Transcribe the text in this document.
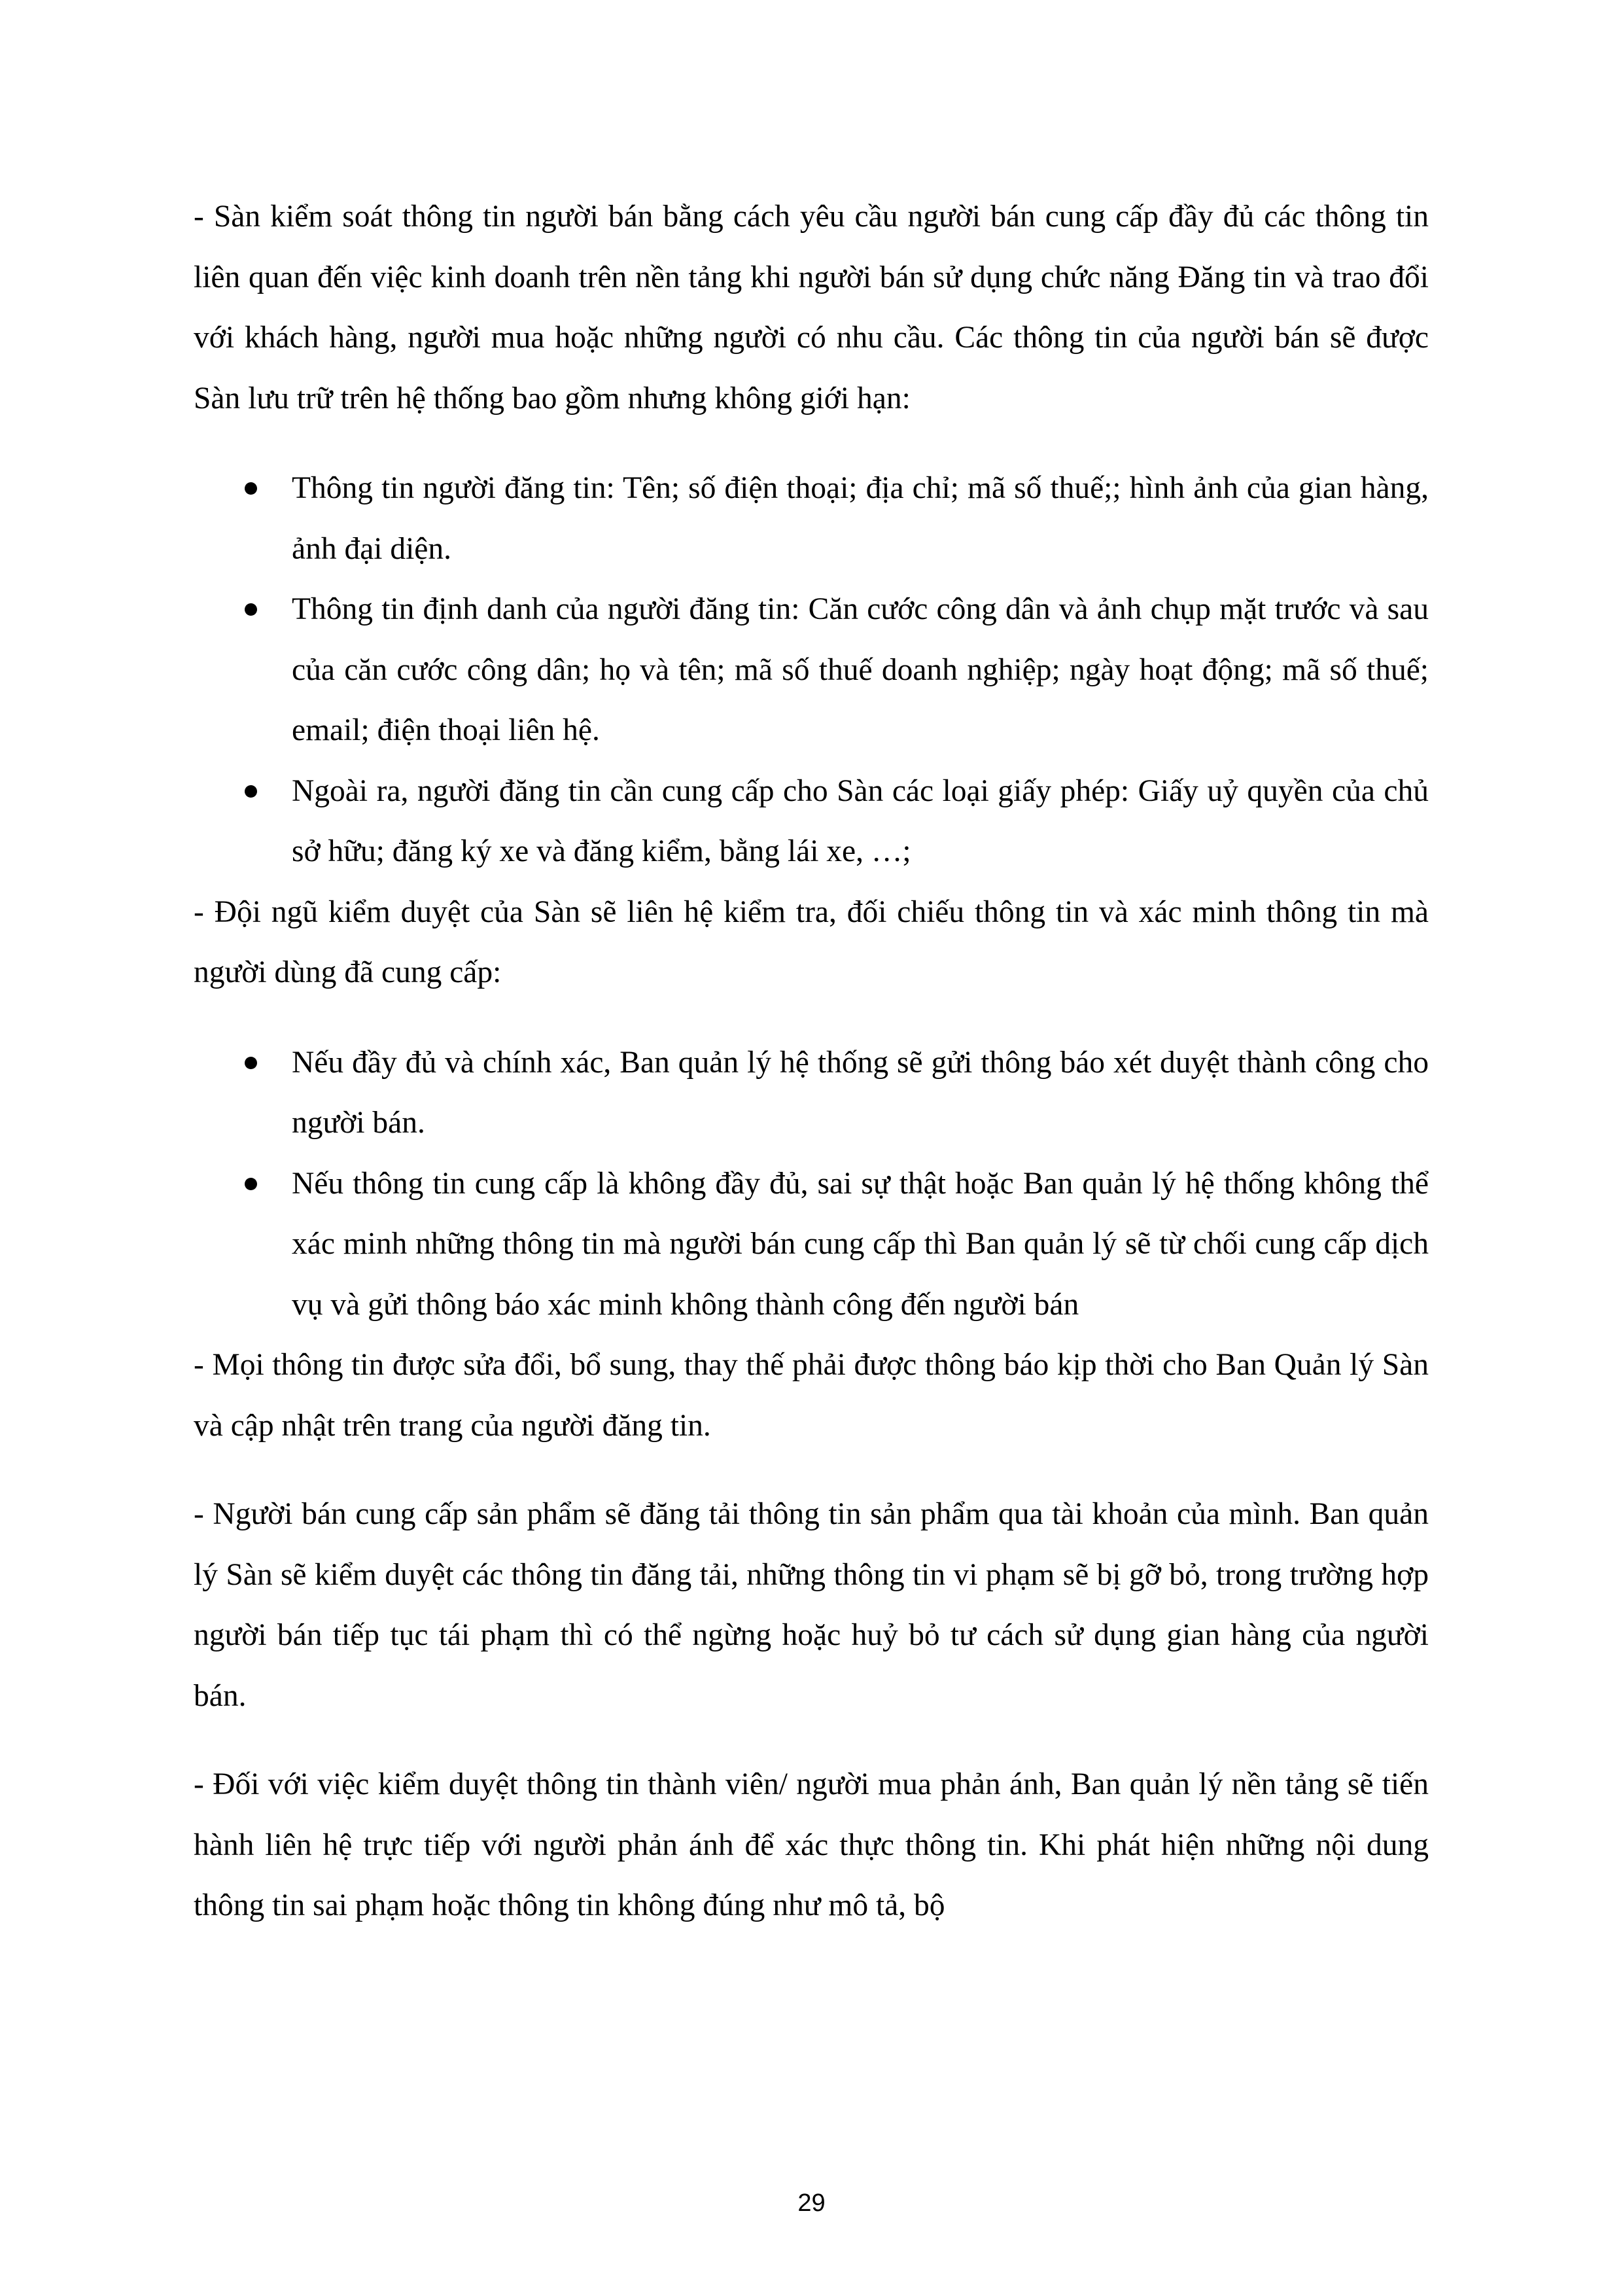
- Sàn kiểm soát thông tin người bán bằng cách yêu cầu người bán cung cấp đầy đủ các thông tin liên quan đến việc kinh doanh trên nền tảng khi người bán sử dụng chức năng Đăng tin và trao đổi với khách hàng, người mua hoặc những người có nhu cầu. Các thông tin của người bán sẽ được Sàn lưu trữ trên hệ thống bao gồm nhưng không giới hạn:

Thông tin người đăng tin: Tên; số điện thoại; địa chỉ; mã số thuế;; hình ảnh của gian hàng, ảnh đại diện.
Thông tin định danh của người đăng tin: Căn cước công dân và ảnh chụp mặt trước và sau của căn cước công dân; họ và tên; mã số thuế doanh nghiệp; ngày hoạt động; mã số thuế; email; điện thoại liên hệ.
Ngoài ra, người đăng tin cần cung cấp cho Sàn các loại giấy phép: Giấy uỷ quyền của chủ sở hữu; đăng ký xe và đăng kiểm, bằng lái xe, …;

- Đội ngũ kiểm duyệt của Sàn sẽ liên hệ kiểm tra, đối chiếu thông tin và xác minh thông tin mà người dùng đã cung cấp:

Nếu đầy đủ và chính xác, Ban quản lý hệ thống sẽ gửi thông báo xét duyệt thành công cho người bán.
Nếu thông tin cung cấp là không đầy đủ, sai sự thật hoặc Ban quản lý hệ thống không thể xác minh những thông tin mà người bán cung cấp thì Ban quản lý sẽ từ chối cung cấp dịch vụ và gửi thông báo xác minh không thành công đến người bán

- Mọi thông tin được sửa đổi, bổ sung, thay thế phải được thông báo kịp thời cho Ban Quản lý Sàn và cập nhật trên trang của người đăng tin.

- Người bán cung cấp sản phẩm sẽ đăng tải thông tin sản phẩm qua tài khoản của mình. Ban quản lý Sàn sẽ kiểm duyệt các thông tin đăng tải, những thông tin vi phạm sẽ bị gỡ bỏ, trong trường hợp người bán tiếp tục tái phạm thì có thể ngừng hoặc huỷ bỏ tư cách sử dụng gian hàng của người bán.

- Đối với việc kiểm duyệt thông tin thành viên/ người mua phản ánh, Ban quản lý nền tảng sẽ tiến hành liên hệ trực tiếp với người phản ánh để xác thực thông tin. Khi phát hiện những nội dung thông tin sai phạm hoặc thông tin không đúng như mô tả, bộ

29
